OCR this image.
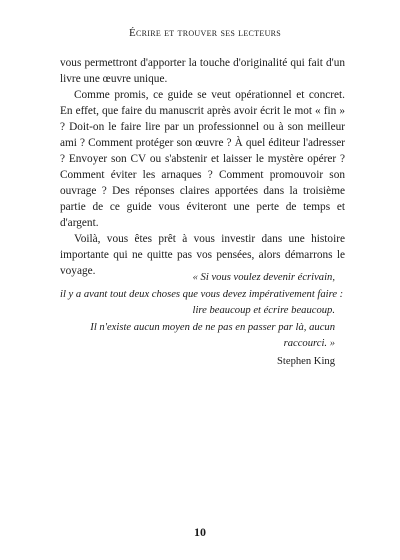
Écrire et trouver ses lecteurs

vous permettront d'apporter la touche d'originalité qui fait d'un livre une œuvre unique.

Comme promis, ce guide se veut opérationnel et concret. En effet, que faire du manuscrit après avoir écrit le mot « fin » ? Doit-on le faire lire par un professionnel ou à son meilleur ami ? Comment protéger son œuvre ? À quel éditeur l'adresser ? Envoyer son CV ou s'abstenir et laisser le mystère opérer ? Comment éviter les arnaques ? Comment promouvoir son ouvrage ? Des réponses claires apportées dans la troisième partie de ce guide vous éviteront une perte de temps et d'argent.

Voilà, vous êtes prêt à vous investir dans une histoire importante qui ne quitte pas vos pensées, alors démarrons le voyage.

« Si vous voulez devenir écrivain,
il y a avant tout deux choses que vous devez impérativement faire :
lire beaucoup et écrire beaucoup.
Il n'existe aucun moyen de ne pas en passer par là, aucun
raccourci. »
Stephen King
10
